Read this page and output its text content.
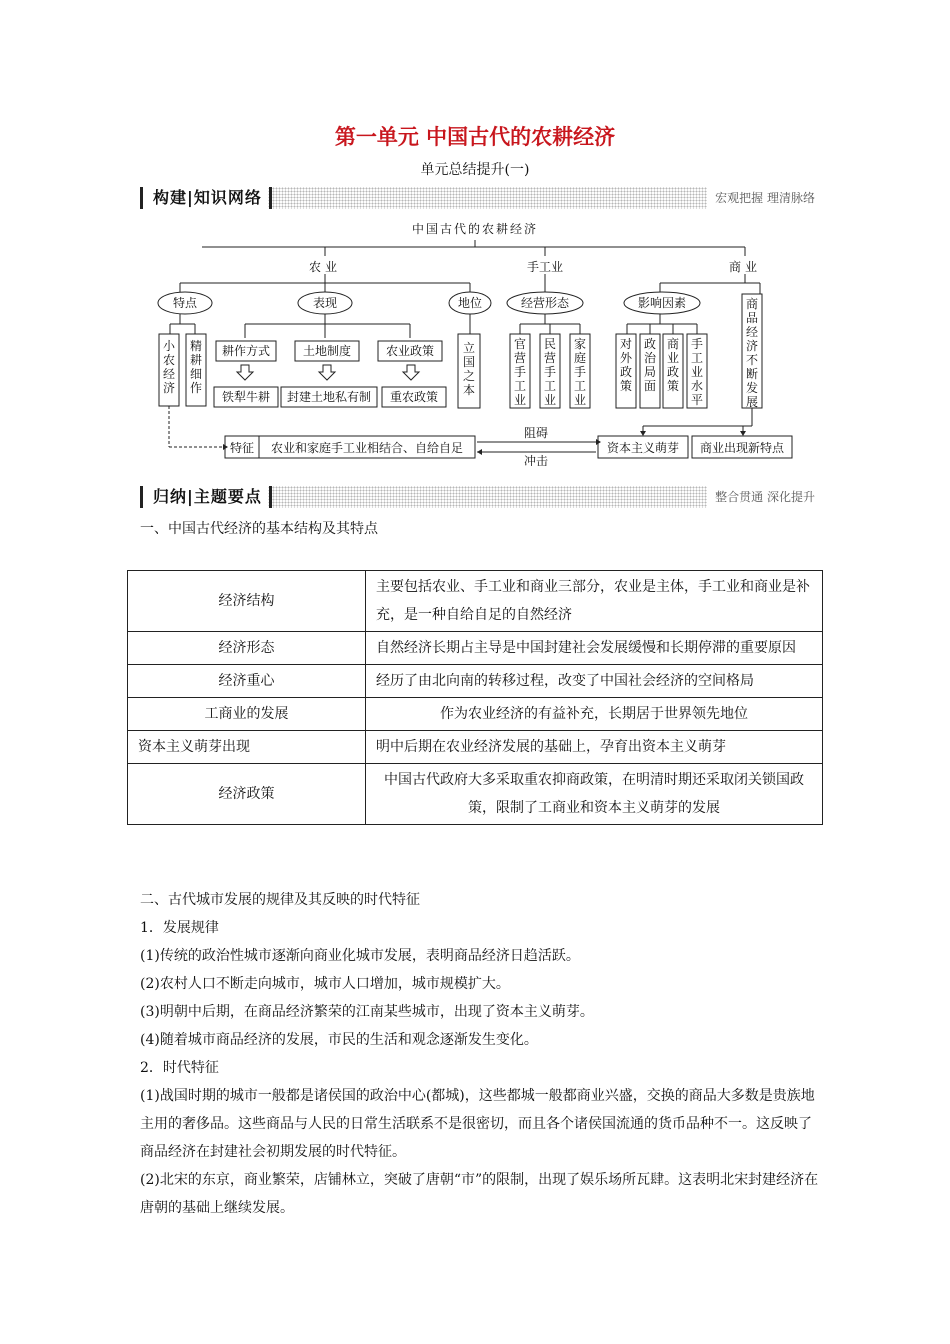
第一单元 中国古代的农耕经济
单元总结提升(一)
构建|知识网络	宏观把握 理清脉络
中国古代的农耕经济
农业	手工业	商业
特点	表现	地位	经营形态	影响因素
耕作方式	土地制度	农业政策
铁犁牛耕 封建土地私有制 重农政策
特征 农业和家庭手工业相结合、自给自足
阻碍
冲击
资本主义萌芽 商业出现新特点
小农经济
精耕细作
立国之本
官营手工业
民营手工业
家庭手工业
对外政策
政治局面
商业政策
手工业水平
商品经济不断发展
归纳|主题要点	整合贯通 深化提升
一、中国古代经济的基本结构及其特点
经济结构	主要包括农业、手工业和商业三部分，农业是主体，手工业和商业是补充，是一种自给自足的自然经济
经济形态	自然经济长期占主导是中国封建社会发展缓慢和长期停滞的重要原因
经济重心	经历了由北向南的转移过程，改变了中国社会经济的空间格局
工商业的发展	作为农业经济的有益补充，长期居于世界领先地位
资本主义萌芽出现	明中后期在农业经济发展的基础上，孕育出资本主义萌芽
经济政策	中国古代政府大多采取重农抑商政策，在明清时期还采取闭关锁国政策，限制了工商业和资本主义萌芽的发展

二、古代城市发展的规律及其反映的时代特征

1．发展规律

(1)传统的政治性城市逐渐向商业化城市发展，表明商品经济日趋活跃。

(2)农村人口不断走向城市，城市人口增加，城市规模扩大。

(3)明朝中后期，在商品经济繁荣的江南某些城市，出现了资本主义萌芽。

(4)随着城市商品经济的发展，市民的生活和观念逐渐发生变化。

2．时代特征

(1)战国时期的城市一般都是诸侯国的政治中心(都城)，这些都城一般都商业兴盛，交换的商品大多数是贵族地主用的奢侈品。这些商品与人民的日常生活联系不是很密切，而且各个诸侯国流通的货币品种不一。这反映了商品经济在封建社会初期发展的时代特征。

(2)北宋的东京，商业繁荣，店铺林立，突破了唐朝“市”的限制，出现了娱乐场所瓦肆。这表明北宋封建经济在唐朝的基础上继续发展。
